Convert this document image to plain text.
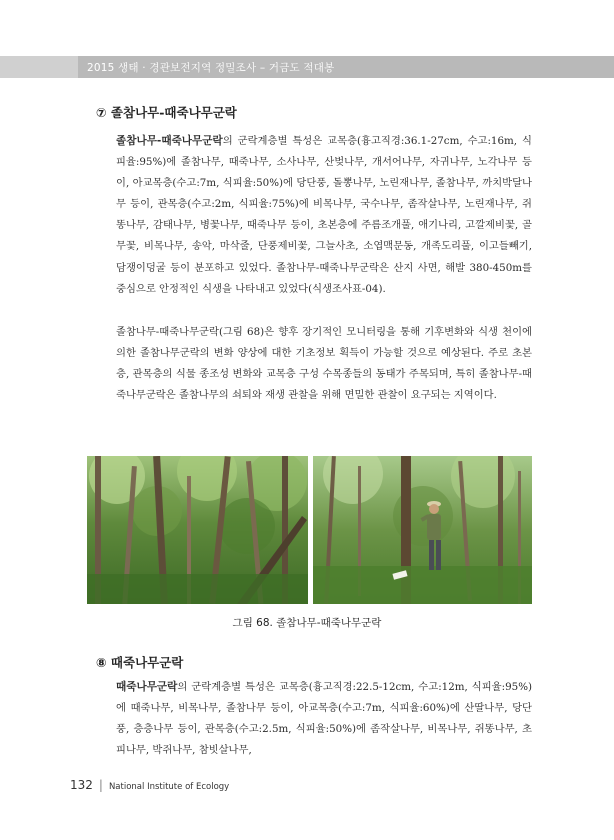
2015 생태 · 경관보전지역 정밀조사 – 거금도 적대봉
⑦ 졸참나무-때죽나무군락

졸참나무-때죽나무군락의 군락계층별 특성은 교목층(흉고직경:36.1-27cm, 수고:16m, 식피율:95%)에 졸참나무, 때죽나무, 소사나무, 산벚나무, 개서어나무, 자귀나무, 노각나무 등이, 아교목층(수고:7m, 식피율:50%)에 당단풍, 돌뽕나무, 노린재나무, 졸참나무, 까치박달나무 등이, 관목층(수고:2m, 식피율:75%)에 비목나무, 국수나무, 좀작살나무, 노린재나무, 쥐똥나무, 감태나무, 병꽃나무, 때죽나무 등이, 초본층에 주름조개풀, 애기나리, 고깔제비꽃, 골무꽃, 비목나무, 송악, 마삭줄, 단풍제비꽃, 그늘사초, 소엽맥문동, 개족도리풀, 이고들빼기, 담쟁이덩굴 등이 분포하고 있었다. 졸참나무-때죽나무군락은 산지 사면, 해발 380-450m를 중심으로 안정적인 식생을 나타내고 있었다(식생조사표-04).

졸참나무-때죽나무군락(그림 68)은 향후 장기적인 모니터링을 통해 기후변화와 식생 천이에 의한 졸참나무군락의 변화 양상에 대한 기초정보 획득이 가능할 것으로 예상된다. 주로 초본층, 관목층의 식물 종조성 변화와 교목층 구성 수목종들의 동태가 주목되며, 특히 졸참나무-때죽나무군락은 졸참나무의 쇠퇴와 재생 관찰을 위해 면밀한 관찰이 요구되는 지역이다.

그림 68. 졸참나무-때죽나무군락
⑧ 때죽나무군락

때죽나무군락의 군락계층별 특성은 교목층(흉고직경:22.5-12cm, 수고:12m, 식피율:95%)에 때죽나무, 비목나무, 졸참나무 등이, 아교목층(수고:7m, 식피율:60%)에 산딸나무, 당단풍, 층층나무 등이, 관목층(수고:2.5m, 식피율:50%)에 좀작살나무, 비목나무, 쥐똥나무, 초피나무, 박쥐나무, 참빗살나무,

132 | National Institute of Ecology
